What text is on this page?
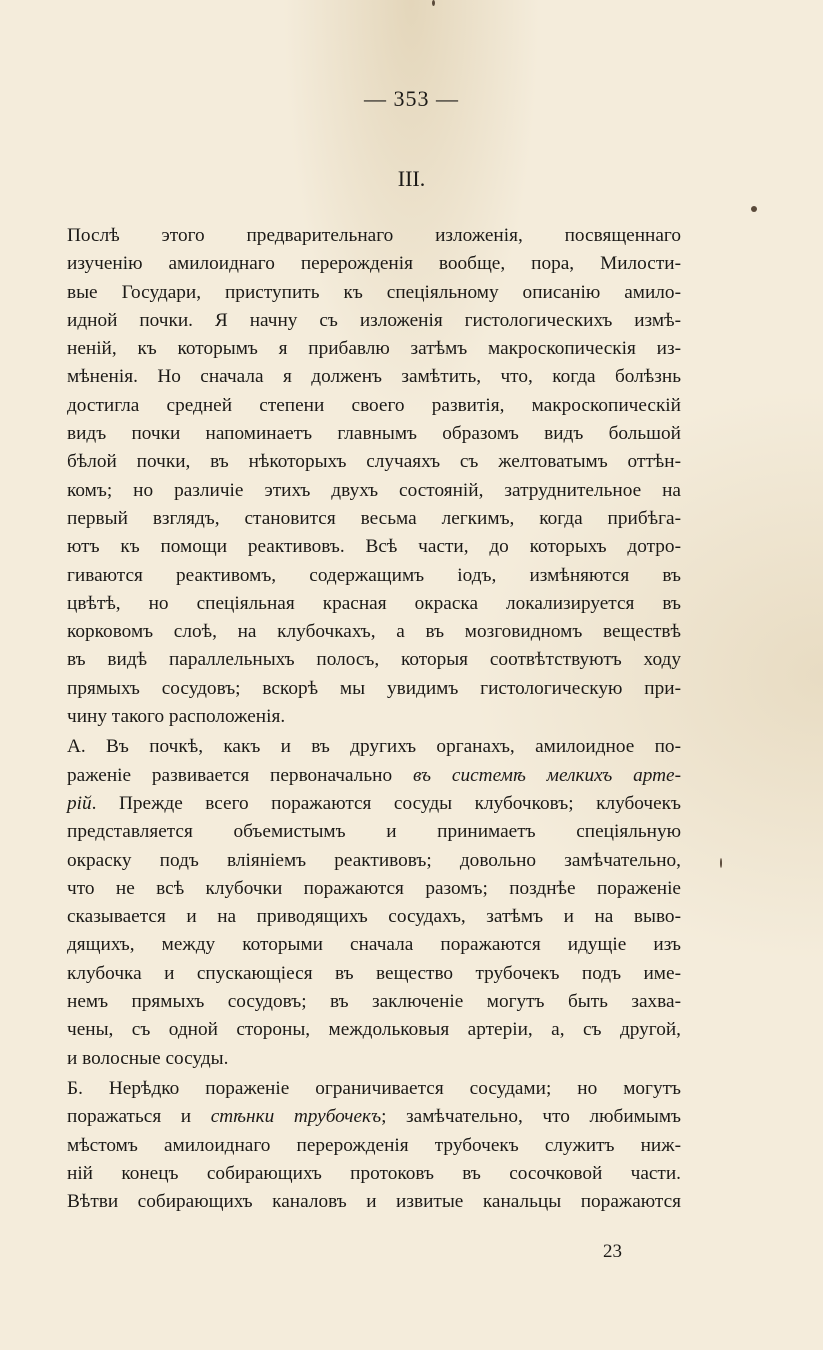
— 353 —
III.
Послѣ этого предварительнаго изложенія, посвященнаго
изученію амилоиднаго перерожденія вообще, пора, Милости-
вые Государи, приступить къ спеціяльному описанію амило-
идной почки. Я начну съ изложенія гистологическихъ измѣ-
неній, къ которымъ я прибавлю затѣмъ макроскопическія из-
мѣненія. Но сначала я долженъ замѣтить, что, когда болѣзнь
достигла средней степени своего развитія, макроскопическій
видъ почки напоминаетъ главнымъ образомъ видъ большой
бѣлой почки, въ нѣкоторыхъ случаяхъ съ желтоватымъ оттѣн-
комъ; но различіе этихъ двухъ состояній, затруднительное на
первый взглядъ, становится весьма легкимъ, когда прибѣга-
ютъ къ помощи реактивовъ. Всѣ части, до которыхъ дотро-
гиваются реактивомъ, содержащимъ іодъ, измѣняются въ
цвѣтѣ, но спеціяльная красная окраска локализируется въ
корковомъ слоѣ, на клубочкахъ, а въ мозговидномъ веществѣ
въ видѣ параллельныхъ полосъ, которыя соотвѣтствуютъ ходу
прямыхъ сосудовъ; вскорѣ мы увидимъ гистологическую при-
чину такого расположенія.
А. Въ почкѣ, какъ и въ другихъ органахъ, амилоидное по-
раженіе развивается первоначально въ системѣ мелкихъ арте-
рій. Прежде всего поражаются сосуды клубочковъ; клубочекъ
представляется объемистымъ и принимаетъ спеціяльную
окраску подъ вліяніемъ реактивовъ; довольно замѣчательно,
что не всѣ клубочки поражаются разомъ; позднѣе пораженіе
сказывается и на приводящихъ сосудахъ, затѣмъ и на выво-
дящихъ, между которыми сначала поражаются идущіе изъ
клубочка и спускающіеся въ вещество трубочекъ подъ име-
немъ прямыхъ сосудовъ; въ заключеніе могутъ быть захва-
чены, съ одной стороны, междольковыя артеріи, а, съ другой,
и волосные сосуды.
Б. Нерѣдко пораженіе ограничивается сосудами; но могутъ
поражаться и стѣнки трубочекъ; замѣчательно, что любимымъ
мѣстомъ амилоиднаго перерожденія трубочекъ служитъ ниж-
ній конецъ собирающихъ протоковъ въ сосочковой части.
Вѣтви собирающихъ каналовъ и извитые канальцы поражаются
23
